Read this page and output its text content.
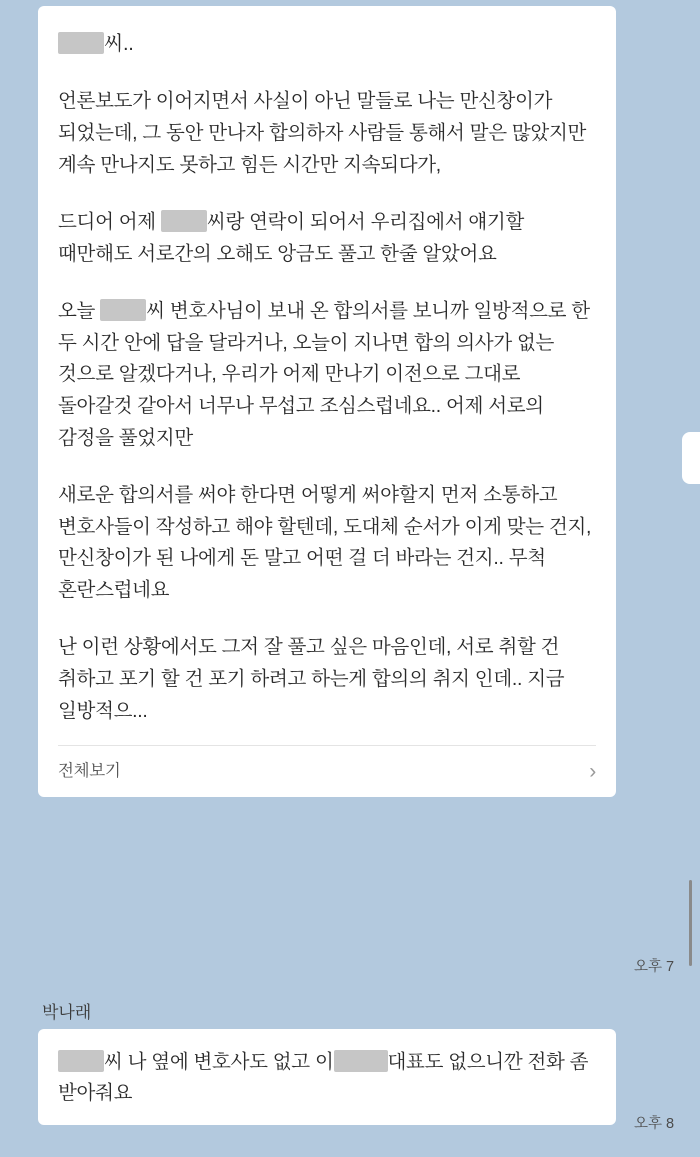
씨..

언론보도가 이어지면서 사실이 아닌 말들로 나는 만신창이가 되었는데, 그 동안 만나자 합의하자 사람들 통해서 말은 많았지만 계속 만나지도 못하고 힘든 시간만 지속되다가,

드디어 어제 씨랑 연락이 되어서 우리집에서 얘기할 때만해도 서로간의 오해도 앙금도 풀고 한줄 알았어요

오늘 씨 변호사님이 보내 온 합의서를 보니까 일방적으로 한 두 시간 안에 답을 달라거나, 오늘이 지나면 합의 의사가 없는 것으로 알겠다거나, 우리가 어제 만나기 이전으로 그대로 돌아갈것 같아서 너무나 무섭고 조심스럽네요.. 어제 서로의 감정을 풀었지만

새로운 합의서를 써야 한다면 어떻게 써야할지 먼저 소통하고
변호사들이 작성하고 해야 할텐데, 도대체 순서가 이게 맞는 건지, 만신창이가 된 나에게 돈 말고 어떤 걸 더 바라는 건지.. 무척 혼란스럽네요

난 이런 상황에서도 그저 잘 풀고 싶은 마음인데, 서로 취할 건 취하고 포기 할 건 포기 하려고 하는게 합의의 취지 인데.. 지금 일방적으...

전체보기	›
오후 7
박나래
씨 나 옆에 변호사도 없고 이	대표도 없으니깐 전화 좀 받아줘요
오후 8
